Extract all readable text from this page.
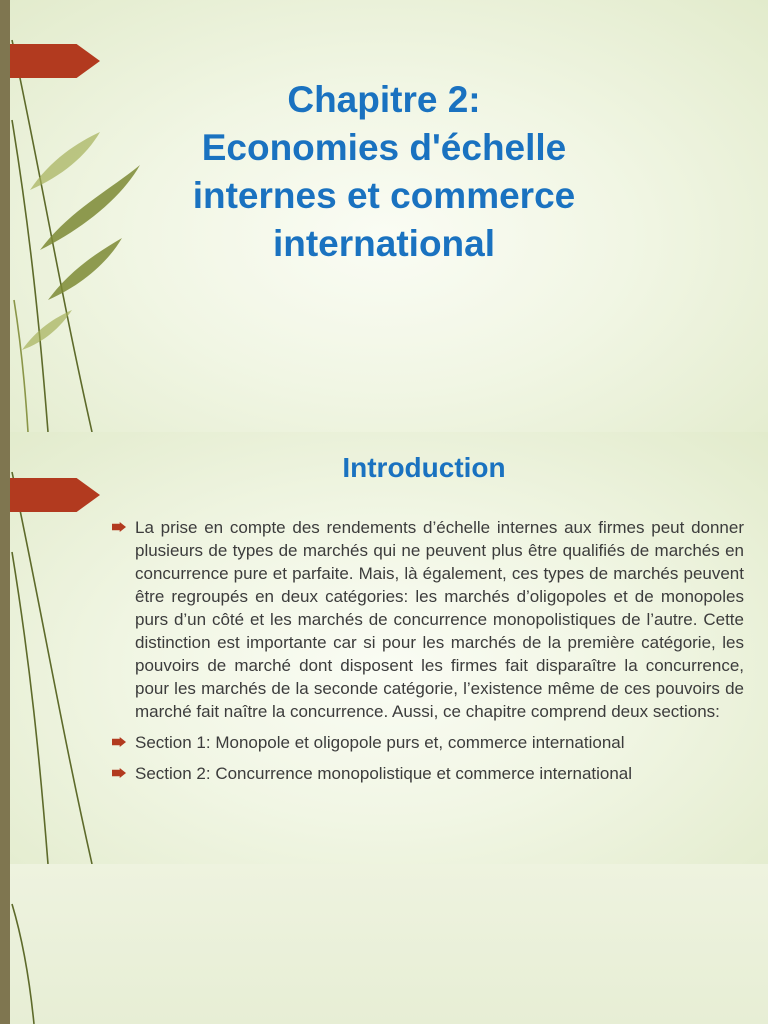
Chapitre 2:
Economies d'échelle
internes et commerce
international
Introduction
La prise en compte des rendements d’échelle internes aux firmes peut donner plusieurs de types de marchés qui ne peuvent plus être qualifiés de marchés en concurrence pure et parfaite. Mais, là également, ces types de marchés peuvent être regroupés en deux catégories: les marchés d’oligopoles et de monopoles purs d’un côté et les marchés de concurrence monopolistiques de l’autre. Cette distinction est importante car si pour les marchés de la première catégorie, les pouvoirs de marché dont disposent les firmes fait disparaître la concurrence, pour les marchés de la seconde catégorie, l’existence même de ces pouvoirs de marché fait naître la concurrence. Aussi, ce chapitre comprend deux sections:
Section 1: Monopole et oligopole purs et, commerce international
Section 2: Concurrence monopolistique et commerce international
